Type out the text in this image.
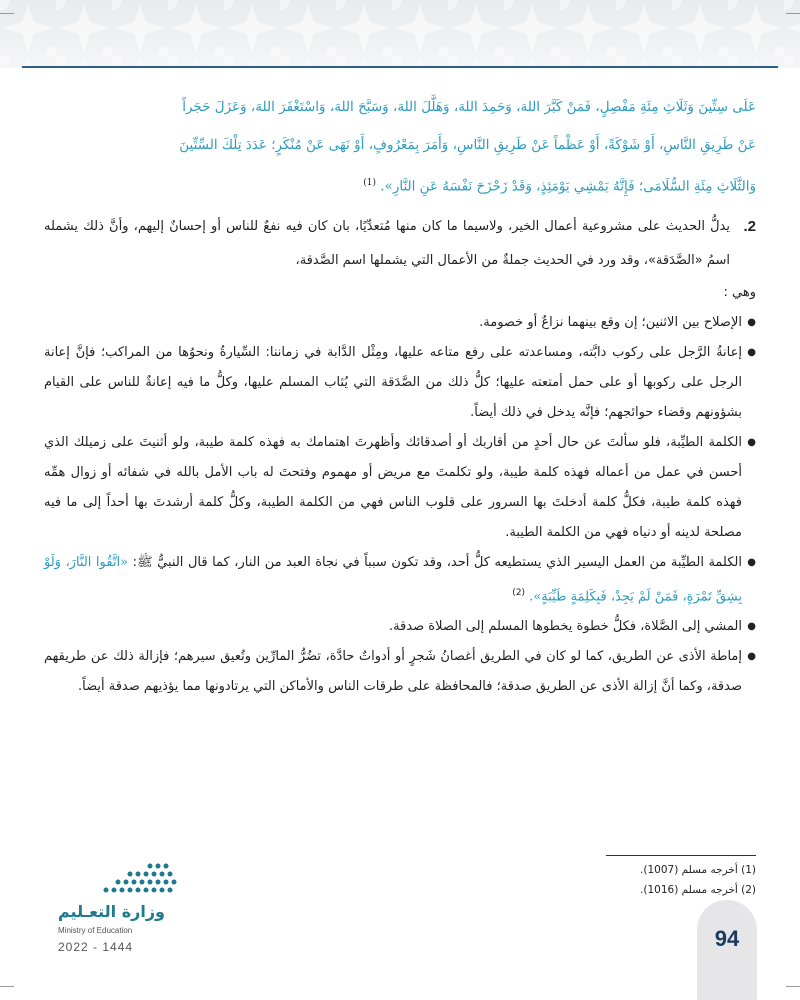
عَلَى سِتِّينَ وَثَلَاثِ مِئَةِ مَفْصِلٍ، فَمَنْ كَبَّرَ اللهَ، وَحَمِدَ اللهَ، وَهَلَّلَ اللهَ، وَسَبَّحَ اللهَ، وَاسْتَغْفَرَ اللهَ، وَعَزَلَ حَجَراً
عَنْ طَرِيقِ النَّاسِ، أَوْ شَوْكَةً، أَوْ عَظْماً عَنْ طَرِيقِ النَّاسِ، وَأَمَرَ بِمَعْرُوفٍ، أَوْ نَهَى عَنْ مُنْكَرٍ؛ عَدَدَ تِلْكَ السِّتِّينَ
وَالثَّلَاثِ مِئَةِ السُّلَامَى؛ فَإِنَّهُ يَمْشِي يَوْمَئِذٍ، وَقَدْ زَحْزَحَ نَفْسَهُ عَنِ النَّارِ». $^{(1)}$
2.
يدلُّ الحديث على مشروعية أعمال الخير، ولاسيما ما كان منها مُتعدِّيًا، بان كان فيه نفعٌ للناس أو إحسانٌ إليهم، وأنَّ ذلك يشمله اسمُ «الصَّدَقة»، وقد ورد في الحديث جملةٌ من الأعمال التي يشملها اسم الصَّدقة،
وهي :
● الإصلاح بين الاثنين؛ إن وقع بينهما نزاعٌ أو خصومة.
● إعانةُ الرَّجل على ركوب دابَّته، ومساعدته على رفع متاعه عليها، ومِثْل الدَّابة في زماننا: السِّيارةُ ونحوُها من المراكب؛ فإنَّ إعانة الرجل على ركوبها أو على حمل أمتعته عليها؛ كلُّ ذلك من الصَّدَقة التي يُثاب المسلم عليها، وكلُّ ما فيه إعانةٌ للناس على القيام بشؤونهم وقضاء حوائجهم؛ فإنَّه يدخل في ذلك أيضاً.
● الكلمة الطيِّبة، فلو سألتَ عن حال أحدٍ من أقاربك أو أصدقائك وأظهرتَ اهتمامك به فهذه كلمة طيبة، ولو أثنيتَ على زميلك الذي أحسن في عمل من أعماله فهذه كلمة طيبة، ولو تكلمتَ مع مريض أو مهموم وفتحتَ له باب الأمل بالله في شفائه أو زوال همِّه فهذه كلمة طيبة، فكلُّ كلمة أدخلتَ بها السرور على قلوب الناس فهي من الكلمة الطيبة، وكلُّ كلمة أرشدتَ بها أحداً إلى ما فيه مصلحة لدينه أو دنياه فهي من الكلمة الطيبة.
● الكلمة الطيِّبة من العمل اليسير الذي يستطيعه كلُّ أحد، وقد تكون سبباً في نجاة العبد من النار، كما قال النبيُّ ﷺ: «اتَّقُوا النَّارَ، وَلَوْ بِشِقِّ تَمْرَةٍ، فَمَنْ لَمْ يَجِدْ، فَبِكَلِمَةٍ طَيِّبَةٍ». $^{(2)}$
● المشي إلى الصَّلاة، فكلُّ خطوة يخطوها المسلم إلى الصلاة صدقة.
● إماطة الأذى عن الطريق، كما لو كان في الطريق أغصانُ شَجرٍ أو أدواتٌ حادَّة، تضُرُّ المارِّين وتُعيق سيرهم؛ فإزالة ذلك عن طريقهم صدقة، وكما أنَّ إزالة الأذى عن الطريق صدقة؛ فالمحافظة على طرقات الناس والأماكن التي يرتادونها مما يؤذيهم صدقة أيضاً.
(1) أخرجه مسلم (1007).
(2) أخرجه مسلم (1016).
وزارة التعـليم
Ministry of Education
2022 - 1444	94
